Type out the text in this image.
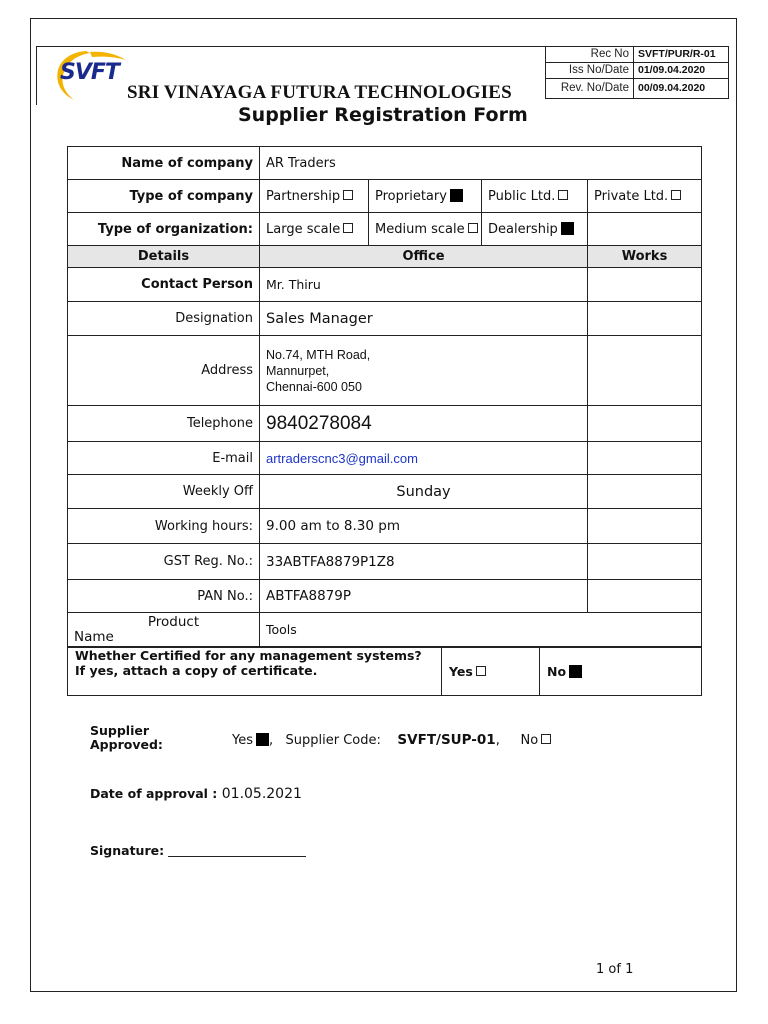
SVFT
SRI VINAYAGA FUTURA TECHNOLOGIES
Supplier Registration Form
Rec No	SVFT/PUR/R-01
Iss No/Date	01/09.04.2020
Rev. No/Date	00/09.04.2020
Name of company	AR Traders			
Type of company	Partnership	Proprietary	Public Ltd.	Private Ltd.
Type of organization:	Large scale	Medium scale	Dealership	
Details	Office			Works
Contact Person	Mr. Thiru			
Designation	Sales Manager			
Address	No.74, MTH Road,
Mannurpet,
Chennai-600 050			

Telephone	9840278084			
E-mail	artraderscnc3@gmail.com			
Weekly Off	Sunday			
Working hours:	9.00 am to 8.30 pm			
GST Reg. No.:	33ABTFA8879P1Z8			
PAN No.:	ABTFA8879P			

Product
Name	Tools			
Whether Certified for any management systems?
If yes, attach a copy of certificate.	Yes	No
Supplier
Approved:	Yes ,   Supplier Code: SVFT/SUP-01,     No
Date of approval : 01.05.2021
Signature:
1 of 1
